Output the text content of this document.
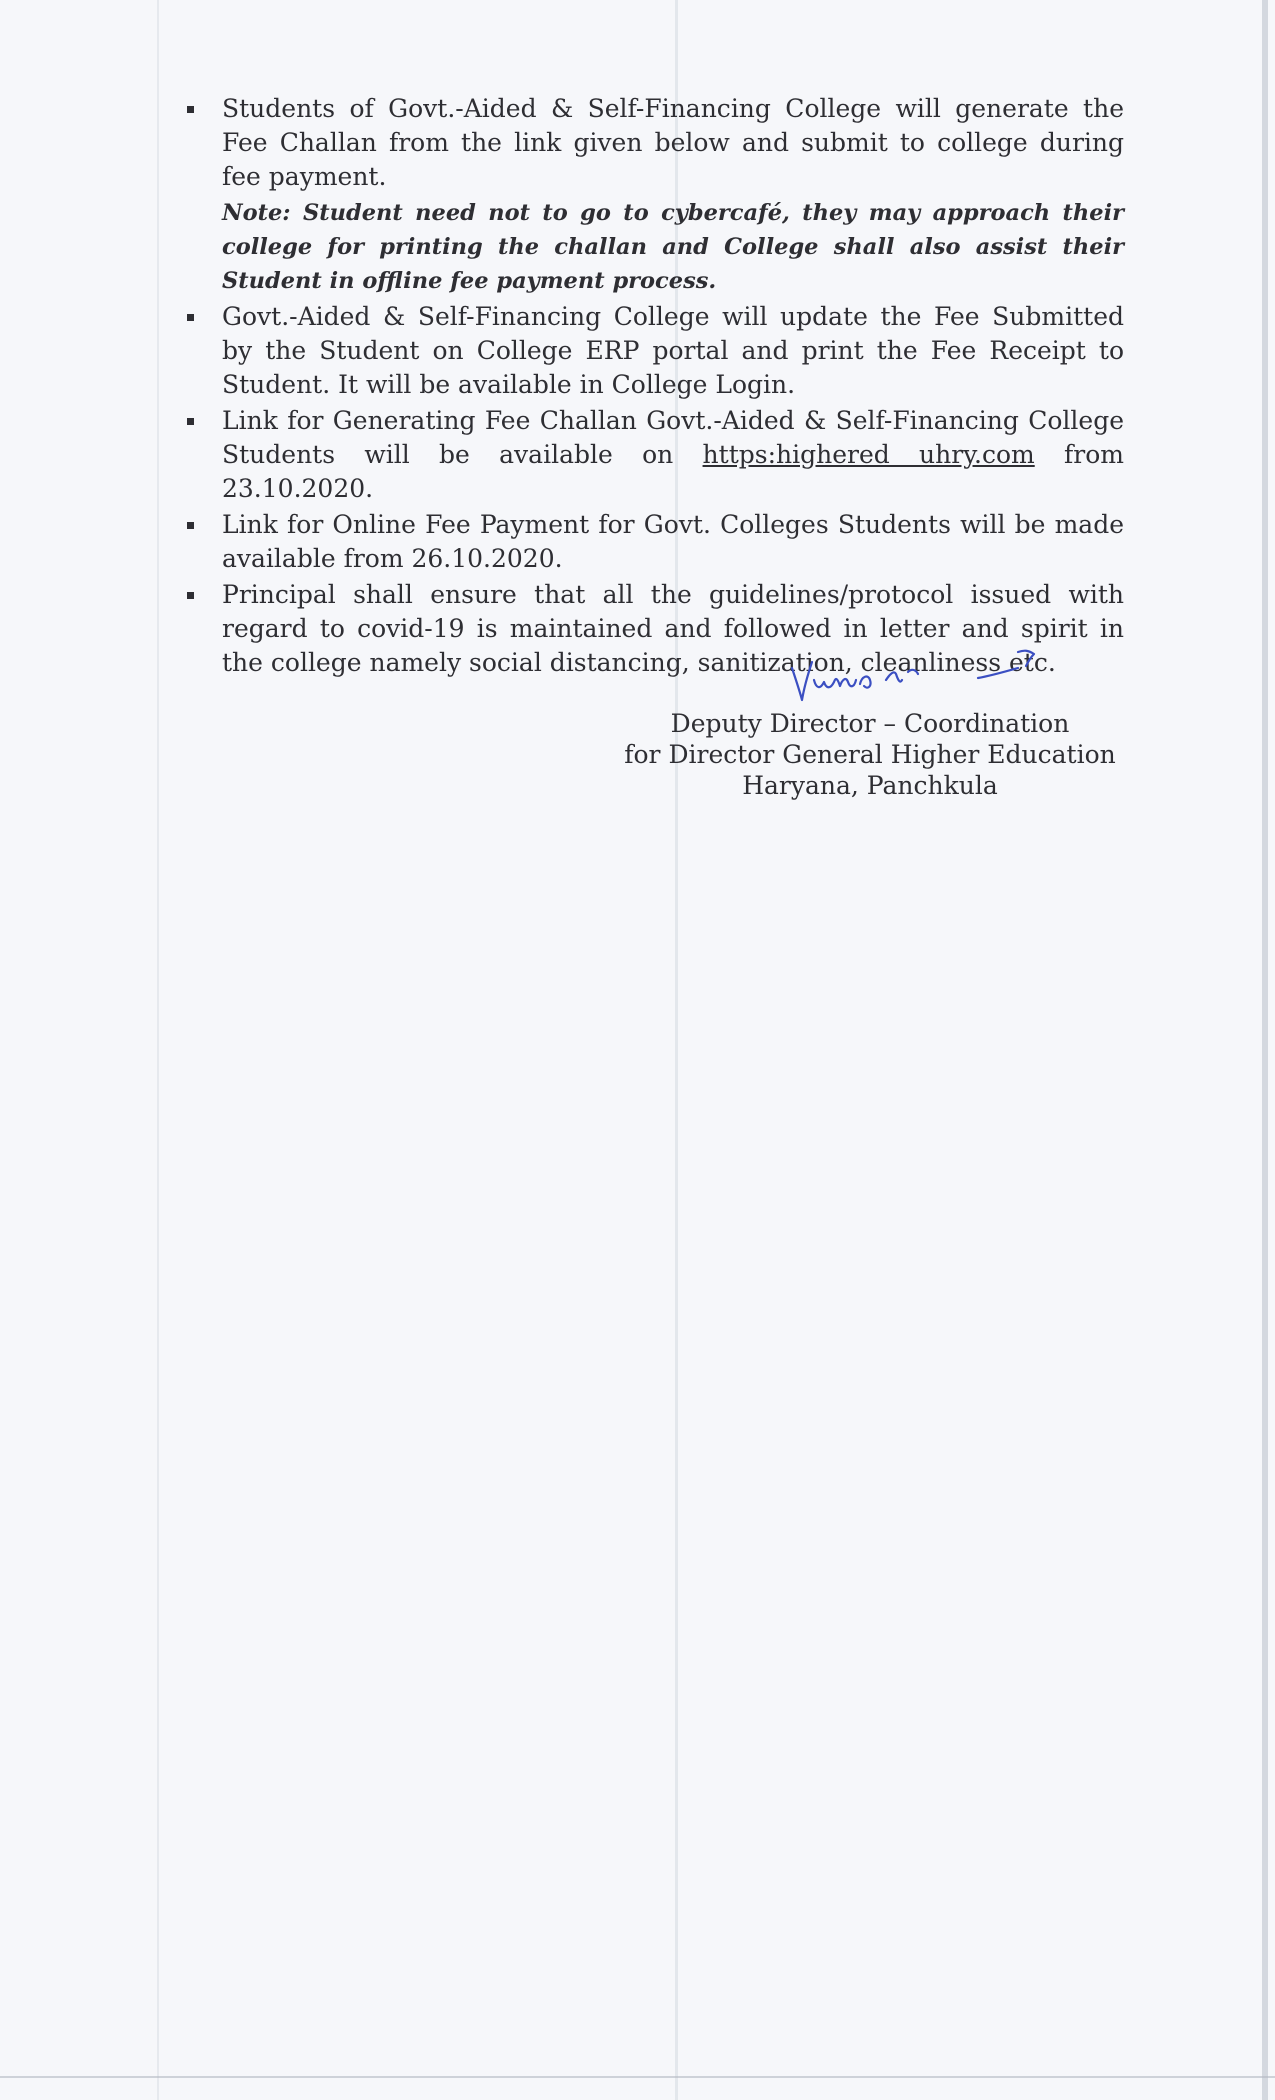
Students of Govt.-Aided & Self-Financing College will generate the Fee Challan from the link given below and submit to college during fee payment.
Note: Student need not to go to cybercafé, they may approach their college for printing the challan and College shall also assist their Student in offline fee payment process.
Govt.-Aided & Self-Financing College will update the Fee Submitted by the Student on College ERP portal and print the Fee Receipt to Student. It will be available in College Login.
Link for Generating Fee Challan Govt.-Aided & Self-Financing College Students will be available on https:highered uhry.com from 23.10.2020.
Link for Online Fee Payment for Govt. Colleges Students will be made available from 26.10.2020.
Principal shall ensure that all the guidelines/protocol issued with regard to covid-19 is maintained and followed in letter and spirit in the college namely social distancing, sanitization, cleanliness etc.
Deputy Director – Coordination
for Director General Higher Education
Haryana, Panchkula
